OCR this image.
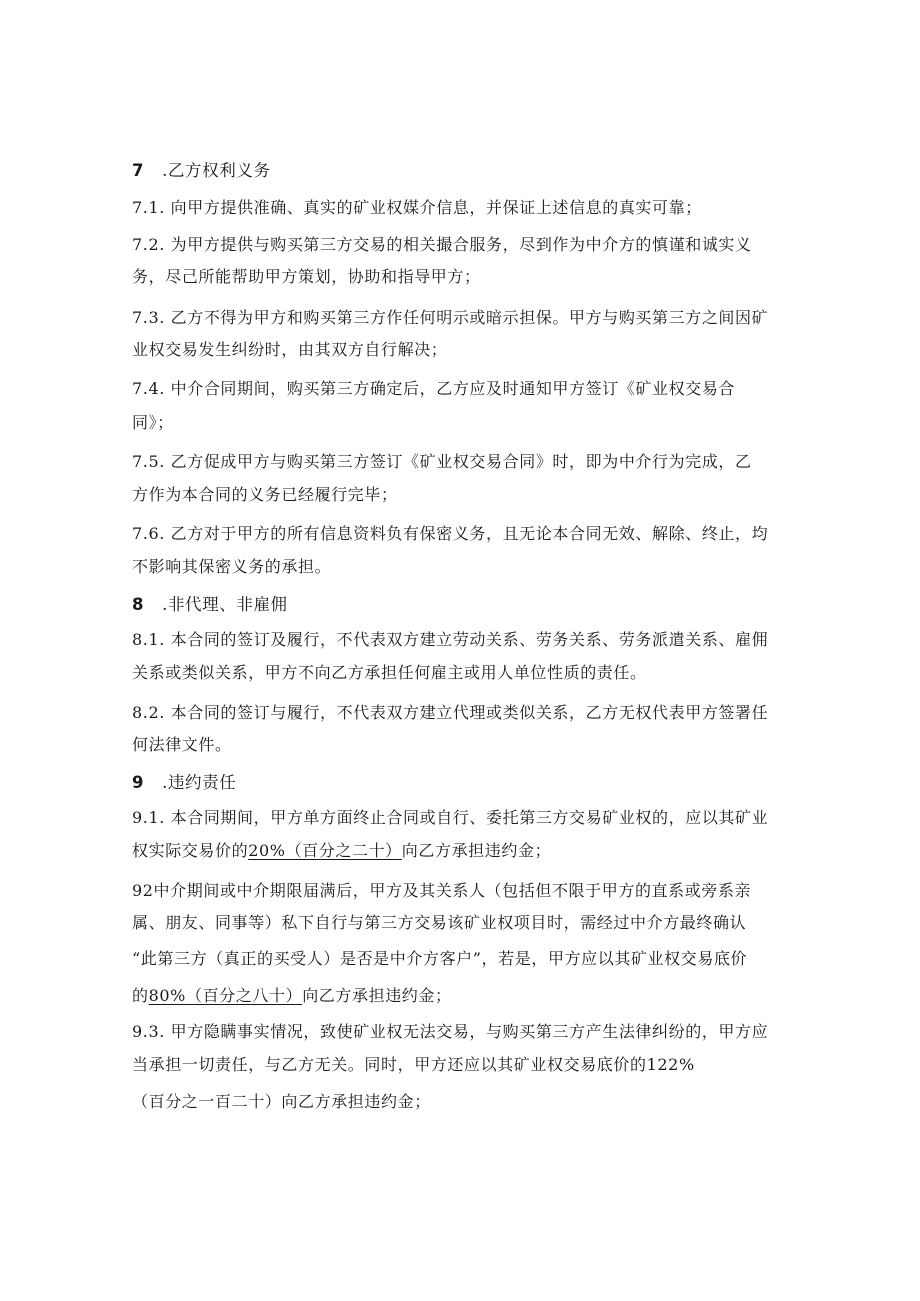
7 .乙方权利义务
7.1. 向甲方提供准确、真实的矿业权媒介信息，并保证上述信息的真实可靠；
7.2. 为甲方提供与购买第三方交易的相关撮合服务，尽到作为中介方的慎谨和诚实义
务，尽己所能帮助甲方策划，协助和指导甲方；
7.3. 乙方不得为甲方和购买第三方作任何明示或暗示担保。甲方与购买第三方之间因矿
业权交易发生纠纷时，由其双方自行解决；
7.4. 中介合同期间，购买第三方确定后，乙方应及时通知甲方签订《矿业权交易合
同》；
7.5. 乙方促成甲方与购买第三方签订《矿业权交易合同》时，即为中介行为完成，乙
方作为本合同的义务已经履行完毕；
7.6. 乙方对于甲方的所有信息资料负有保密义务，且无论本合同无效、解除、终止，均
不影响其保密义务的承担。
8 .非代理、非雇佣
8.1. 本合同的签订及履行，不代表双方建立劳动关系、劳务关系、劳务派遣关系、雇佣
关系或类似关系，甲方不向乙方承担任何雇主或用人单位性质的责任。
8.2. 本合同的签订与履行，不代表双方建立代理或类似关系，乙方无权代表甲方签署任
何法律文件。
9 .违约责任
9.1. 本合同期间，甲方单方面终止合同或自行、委托第三方交易矿业权的，应以其矿业
权实际交易价的20%（百分之二十）向乙方承担违约金；
92中介期间或中介期限届满后，甲方及其关系人（包括但不限于甲方的直系或旁系亲
属、朋友、同事等）私下自行与第三方交易该矿业权项目时，需经过中介方最终确认
“此第三方（真正的买受人）是否是中介方客户”，若是，甲方应以其矿业权交易底价
的80%（百分之八十）向乙方承担违约金；
9.3. 甲方隐瞒事实情况，致使矿业权无法交易，与购买第三方产生法律纠纷的，甲方应
当承担一切责任，与乙方无关。同时，甲方还应以其矿业权交易底价的122%
（百分之一百二十）向乙方承担违约金；
